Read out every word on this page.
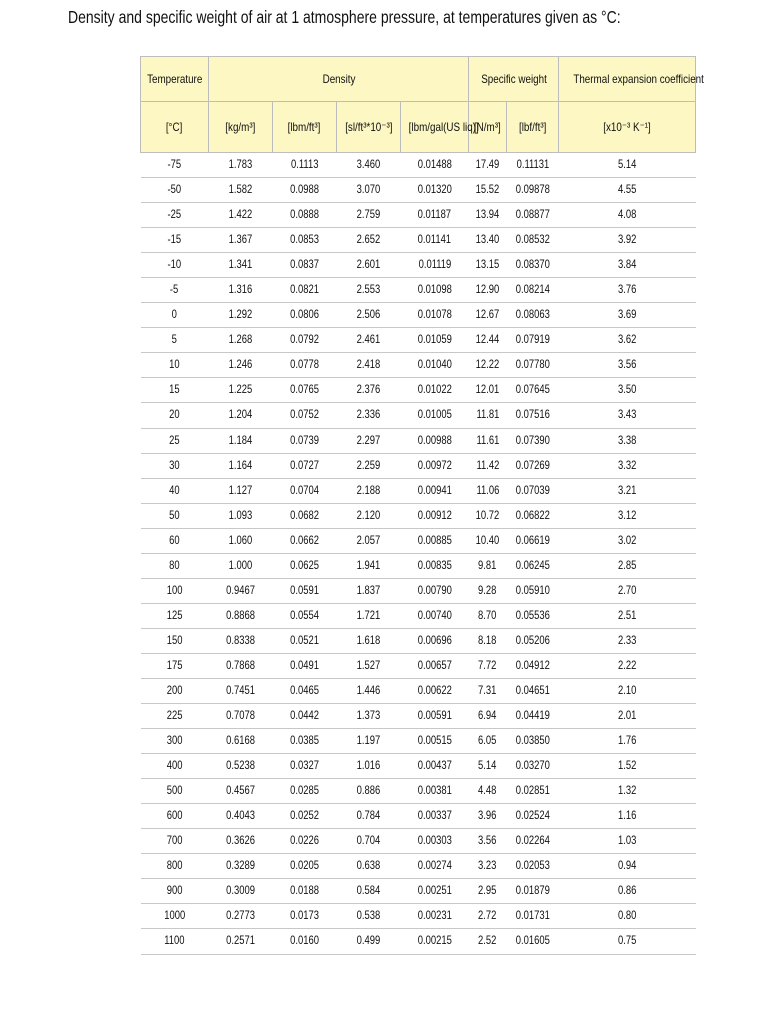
Density and specific weight of air at 1 atmosphere pressure, at temperatures given as °C:
Temperature	Density				Specific weight		Thermal expansion coefficient
[°C]	[kg/m³]	[lbm/ft³]	[sl/ft³*10⁻³]	[lbm/gal(US liq)]	[N/m³]	[lbf/ft³]	[x10⁻³ K⁻¹]
-75	1.783	0.1113	3.460	0.01488	17.49	0.11131	5.14
-50	1.582	0.0988	3.070	0.01320	15.52	0.09878	4.55
-25	1.422	0.0888	2.759	0.01187	13.94	0.08877	4.08
-15	1.367	0.0853	2.652	0.01141	13.40	0.08532	3.92
-10	1.341	0.0837	2.601	0.01119	13.15	0.08370	3.84
-5	1.316	0.0821	2.553	0.01098	12.90	0.08214	3.76
0	1.292	0.0806	2.506	0.01078	12.67	0.08063	3.69
5	1.268	0.0792	2.461	0.01059	12.44	0.07919	3.62
10	1.246	0.0778	2.418	0.01040	12.22	0.07780	3.56
15	1.225	0.0765	2.376	0.01022	12.01	0.07645	3.50
20	1.204	0.0752	2.336	0.01005	11.81	0.07516	3.43
25	1.184	0.0739	2.297	0.00988	11.61	0.07390	3.38
30	1.164	0.0727	2.259	0.00972	11.42	0.07269	3.32
40	1.127	0.0704	2.188	0.00941	11.06	0.07039	3.21
50	1.093	0.0682	2.120	0.00912	10.72	0.06822	3.12
60	1.060	0.0662	2.057	0.00885	10.40	0.06619	3.02
80	1.000	0.0625	1.941	0.00835	9.81	0.06245	2.85
100	0.9467	0.0591	1.837	0.00790	9.28	0.05910	2.70
125	0.8868	0.0554	1.721	0.00740	8.70	0.05536	2.51
150	0.8338	0.0521	1.618	0.00696	8.18	0.05206	2.33
175	0.7868	0.0491	1.527	0.00657	7.72	0.04912	2.22
200	0.7451	0.0465	1.446	0.00622	7.31	0.04651	2.10
225	0.7078	0.0442	1.373	0.00591	6.94	0.04419	2.01
300	0.6168	0.0385	1.197	0.00515	6.05	0.03850	1.76
400	0.5238	0.0327	1.016	0.00437	5.14	0.03270	1.52
500	0.4567	0.0285	0.886	0.00381	4.48	0.02851	1.32
600	0.4043	0.0252	0.784	0.00337	3.96	0.02524	1.16
700	0.3626	0.0226	0.704	0.00303	3.56	0.02264	1.03
800	0.3289	0.0205	0.638	0.00274	3.23	0.02053	0.94
900	0.3009	0.0188	0.584	0.00251	2.95	0.01879	0.86
1000	0.2773	0.0173	0.538	0.00231	2.72	0.01731	0.80
1100	0.2571	0.0160	0.499	0.00215	2.52	0.01605	0.75
